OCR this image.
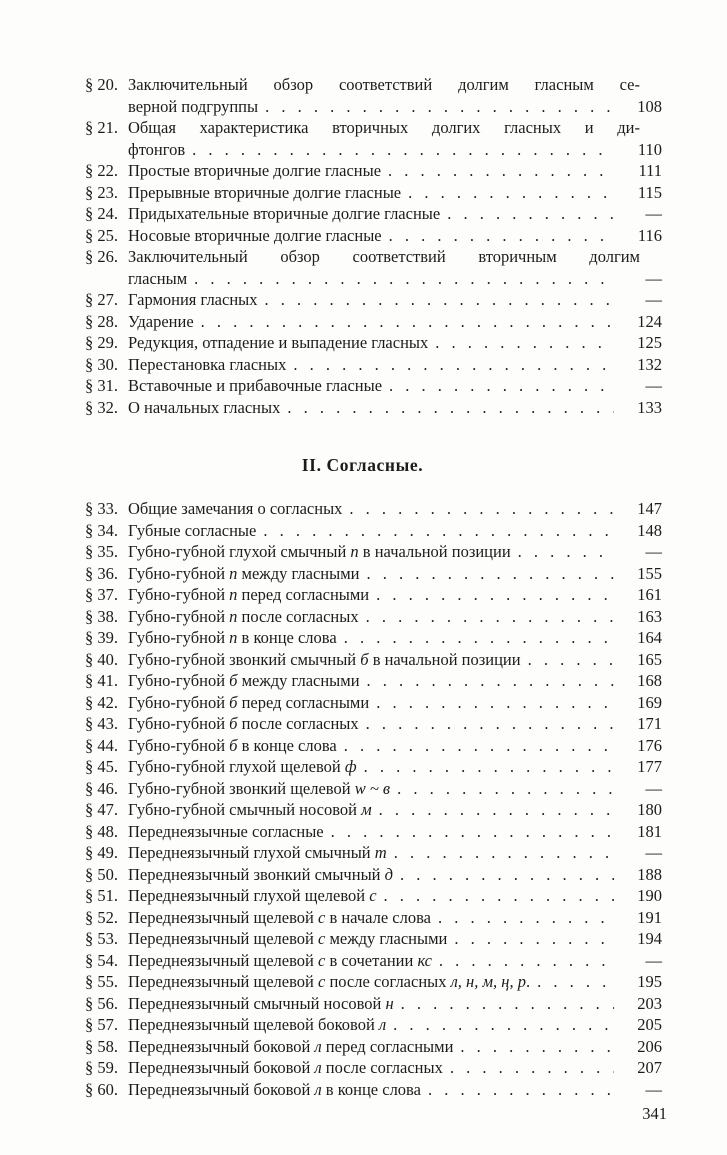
§ 20. Заключительный обзор соответствий долгим гласным се-
верной подгруппы . . .	108
§ 21. Общая характеристика вторичных долгих гласных и ди-
фтонгов . . .	110
§ 22. Простые вторичные долгие гласные . . .	111
§ 23. Прерывные вторичные долгие гласные . . .	115
§ 24. Придыхательные вторичные долгие гласные . . .	—
§ 25. Носовые вторичные долгие гласные . . .	116
§ 26. Заключительный обзор соответствий вторичным долгим
гласным . . .	—
§ 27. Гармония гласных . . .	—
§ 28. Ударение . . .	124
§ 29. Редукция, отпадение и выпадение гласных . . .	125
§ 30. Перестановка гласных . . .	132
§ 31. Вставочные и прибавочные гласные . . .	—
§ 32. О начальных гласных . . .	133
II. Согласные.
§ 33. Общие замечания о согласных . . .	147
§ 34. Губные согласные . . .	148
§ 35. Губно-губной глухой смычный п в начальной позиции . . .	—
§ 36. Губно-губной п между гласными . . .	155
§ 37. Губно-губной п перед согласными . . .	161
§ 38. Губно-губной п после согласных . . .	163
§ 39. Губно-губной п в конце слова . . .	164
§ 40. Губно-губной звонкий смычный б в начальной позиции . . .	165
§ 41. Губно-губной б между гласными . . .	168
§ 42. Губно-губной б перед согласными . . .	169
§ 43. Губно-губной б после согласных . . .	171
§ 44. Губно-губной б в конце слова . . .	176
§ 45. Губно-губной глухой щелевой ф . . .	177
§ 46. Губно-губной звонкий щелевой w ~ в . . .	—
§ 47. Губно-губной смычный носовой м . . .	180
§ 48. Переднеязычные согласные . . .	181
§ 49. Переднеязычный глухой смычный т . . .	—
§ 50. Переднеязычный звонкий смычный д . . .	188
§ 51. Переднеязычный глухой щелевой с . . .	190
§ 52. Переднеязычный щелевой с в начале слова . . .	191
§ 53. Переднеязычный щелевой с между гласными . . .	194
§ 54. Переднеязычный щелевой с в сочетании кс . . .	—
§ 55. Переднеязычный щелевой с после согласных л, н, м, ң, р. . . .	195
§ 56. Переднеязычный смычный носовой н . . .	203
§ 57. Переднеязычный щелевой боковой л . . .	205
§ 58. Переднеязычный боковой л перед согласными . . .	206
§ 59. Переднеязычный боковой л после согласных . . .	207
§ 60. Переднеязычный боковой л в конце слова . . .	—
341
